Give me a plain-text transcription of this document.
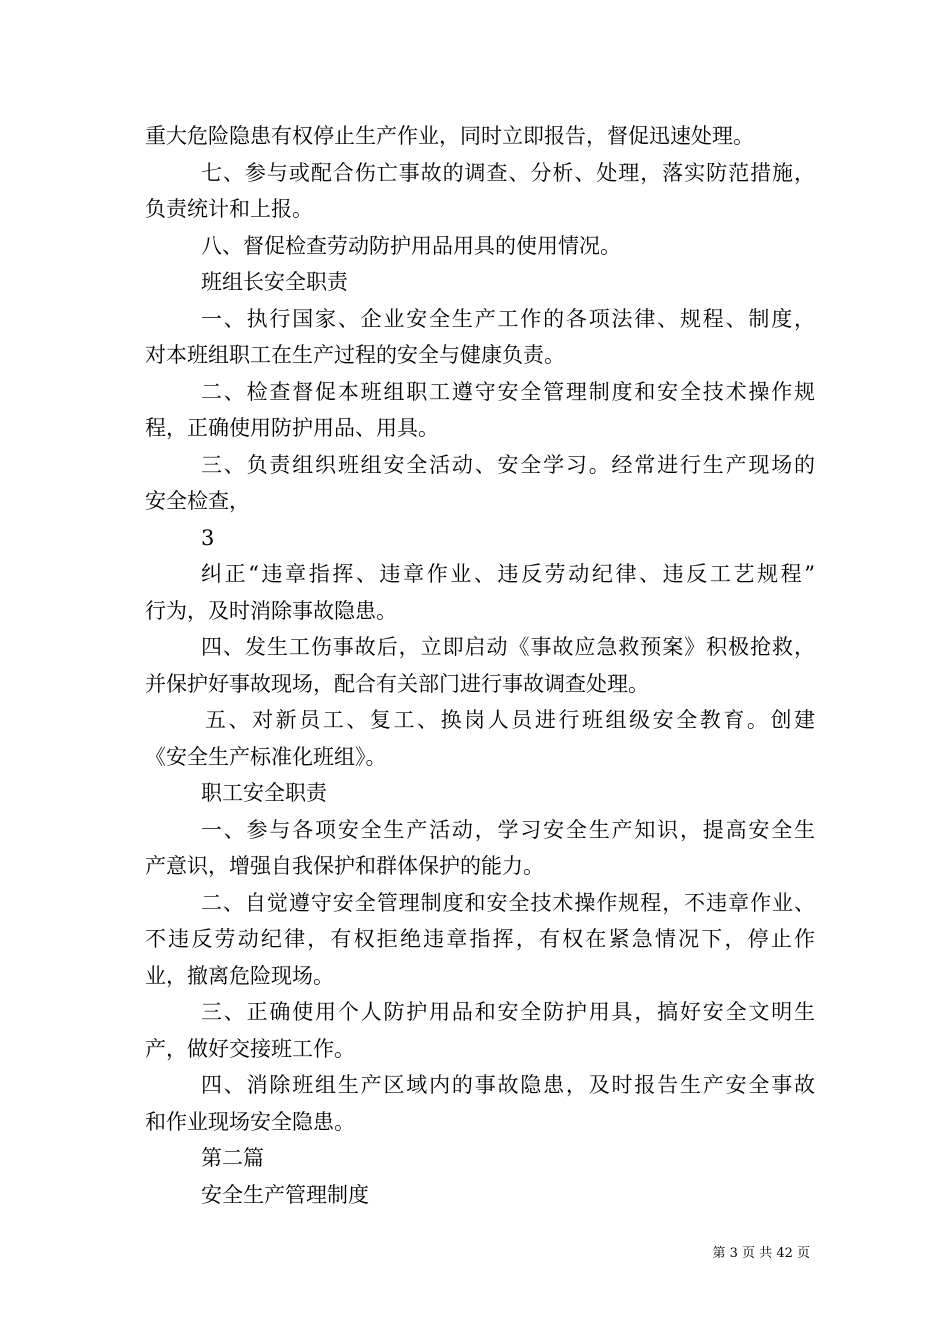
重大危险隐患有权停止生产作业，同时立即报告，督促迅速处理。
七、参与或配合伤亡事故的调查、分析、处理，落实防范措施，
负责统计和上报。
八、督促检查劳动防护用品用具的使用情况。
班组长安全职责
一、执行国家、企业安全生产工作的各项法律、规程、制度，
对本班组职工在生产过程的安全与健康负责。
二、检查督促本班组职工遵守安全管理制度和安全技术操作规
程，正确使用防护用品、用具。
三、负责组织班组安全活动、安全学习。经常进行生产现场的
安全检查，
3
纠正“违章指挥、违章作业、违反劳动纪律、违反工艺规程”
行为，及时消除事故隐患。
四、发生工伤事故后，立即启动《事故应急救预案》积极抢救，
并保护好事故现场，配合有关部门进行事故调查处理。
五、对新员工、复工、换岗人员进行班组级安全教育。创建
《安全生产标准化班组》。
职工安全职责
一、参与各项安全生产活动，学习安全生产知识，提高安全生
产意识，增强自我保护和群体保护的能力。
二、自觉遵守安全管理制度和安全技术操作规程，不违章作业、
不违反劳动纪律，有权拒绝违章指挥，有权在紧急情况下，停止作
业，撤离危险现场。
三、正确使用个人防护用品和安全防护用具，搞好安全文明生
产，做好交接班工作。
四、消除班组生产区域内的事故隐患，及时报告生产安全事故
和作业现场安全隐患。
第二篇
安全生产管理制度
第 3 页 共 42 页
